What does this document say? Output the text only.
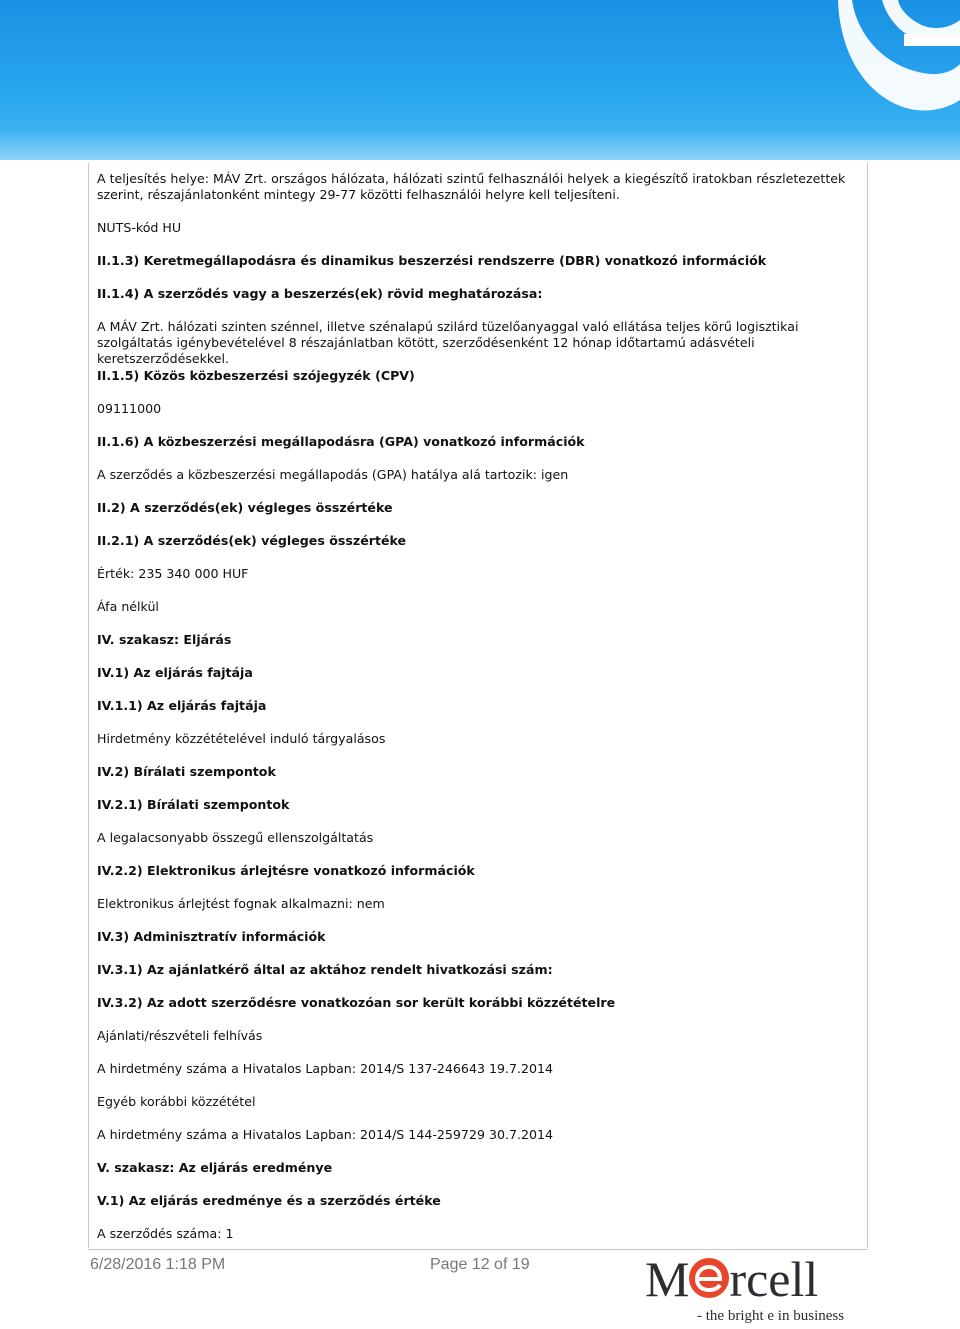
A teljesítés helye: MÁV Zrt. országos hálózata, hálózati szintű felhasználói helyek a kiegészítő iratokban részletezettek szerint, részajánlatonként mintegy 29-77 közötti felhasználói helyre kell teljesíteni.
NUTS-kód HU
II.1.3) Keretmegállapodásra és dinamikus beszerzési rendszerre (DBR) vonatkozó információk
II.1.4) A szerződés vagy a beszerzés(ek) rövid meghatározása:
A MÁV Zrt. hálózati szinten szénnel, illetve szénalapú szilárd tüzelőanyaggal való ellátása teljes körű logisztikai szolgáltatás igénybevételével 8 részajánlatban kötött, szerződésenként 12 hónap időtartamú adásvételi keretszerződésekkel.
II.1.5) Közös közbeszerzési szójegyzék (CPV)
09111000
II.1.6) A közbeszerzési megállapodásra (GPA) vonatkozó információk
A szerződés a közbeszerzési megállapodás (GPA) hatálya alá tartozik: igen
II.2) A szerződés(ek) végleges összértéke
II.2.1) A szerződés(ek) végleges összértéke
Érték: 235 340 000 HUF
Áfa nélkül
IV. szakasz: Eljárás
IV.1) Az eljárás fajtája
IV.1.1) Az eljárás fajtája
Hirdetmény közzétételével induló tárgyalásos
IV.2) Bírálati szempontok
IV.2.1) Bírálati szempontok
A legalacsonyabb összegű ellenszolgáltatás
IV.2.2) Elektronikus árlejtésre vonatkozó információk
Elektronikus árlejtést fognak alkalmazni: nem
IV.3) Adminisztratív információk
IV.3.1) Az ajánlatkérő által az aktához rendelt hivatkozási szám:
IV.3.2) Az adott szerződésre vonatkozóan sor került korábbi közzétételre
Ajánlati/részvételi felhívás
A hirdetmény száma a Hivatalos Lapban: 2014/S 137-246643 19.7.2014
Egyéb korábbi közzététel
A hirdetmény száma a Hivatalos Lapban: 2014/S 144-259729 30.7.2014
V. szakasz: Az eljárás eredménye
V.1) Az eljárás eredménye és a szerződés értéke
A szerződés száma: 1
6/28/2016 1:18 PM	Page 12 of 19 M rcell
- the bright e in business
